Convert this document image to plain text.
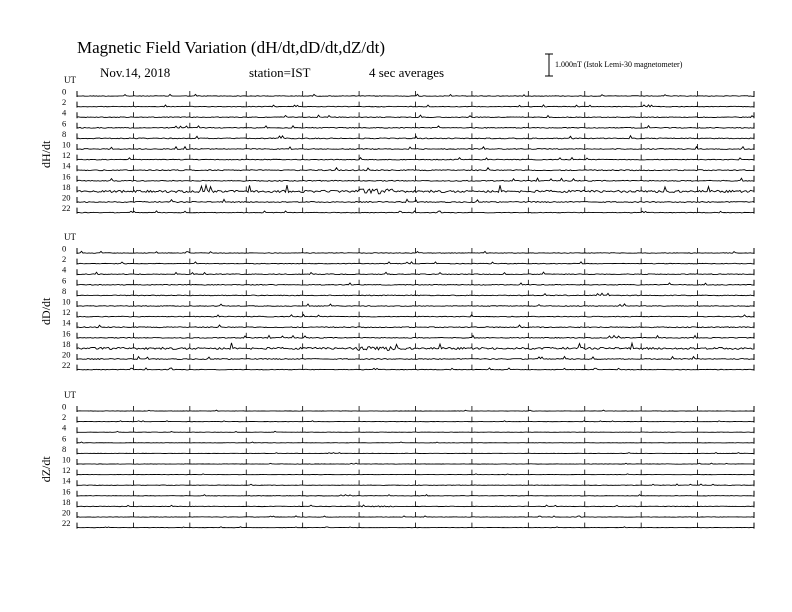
Magnetic Field Variation (dH/dt,dD/dt,dZ/dt)
Nov.14, 2018	station=IST	4 sec averages
1.000nT (Istok Lemi-30 magnetometer)
UT
dH/dt
0
2
4
6
8
10
12
14
16
18
20
22
UT
dD/dt
0
2
4
6
8
10
12
14
16
18
20
22
UT
dZ/dt
0
2
4
6
8
10
12
14
16
18
20
22
